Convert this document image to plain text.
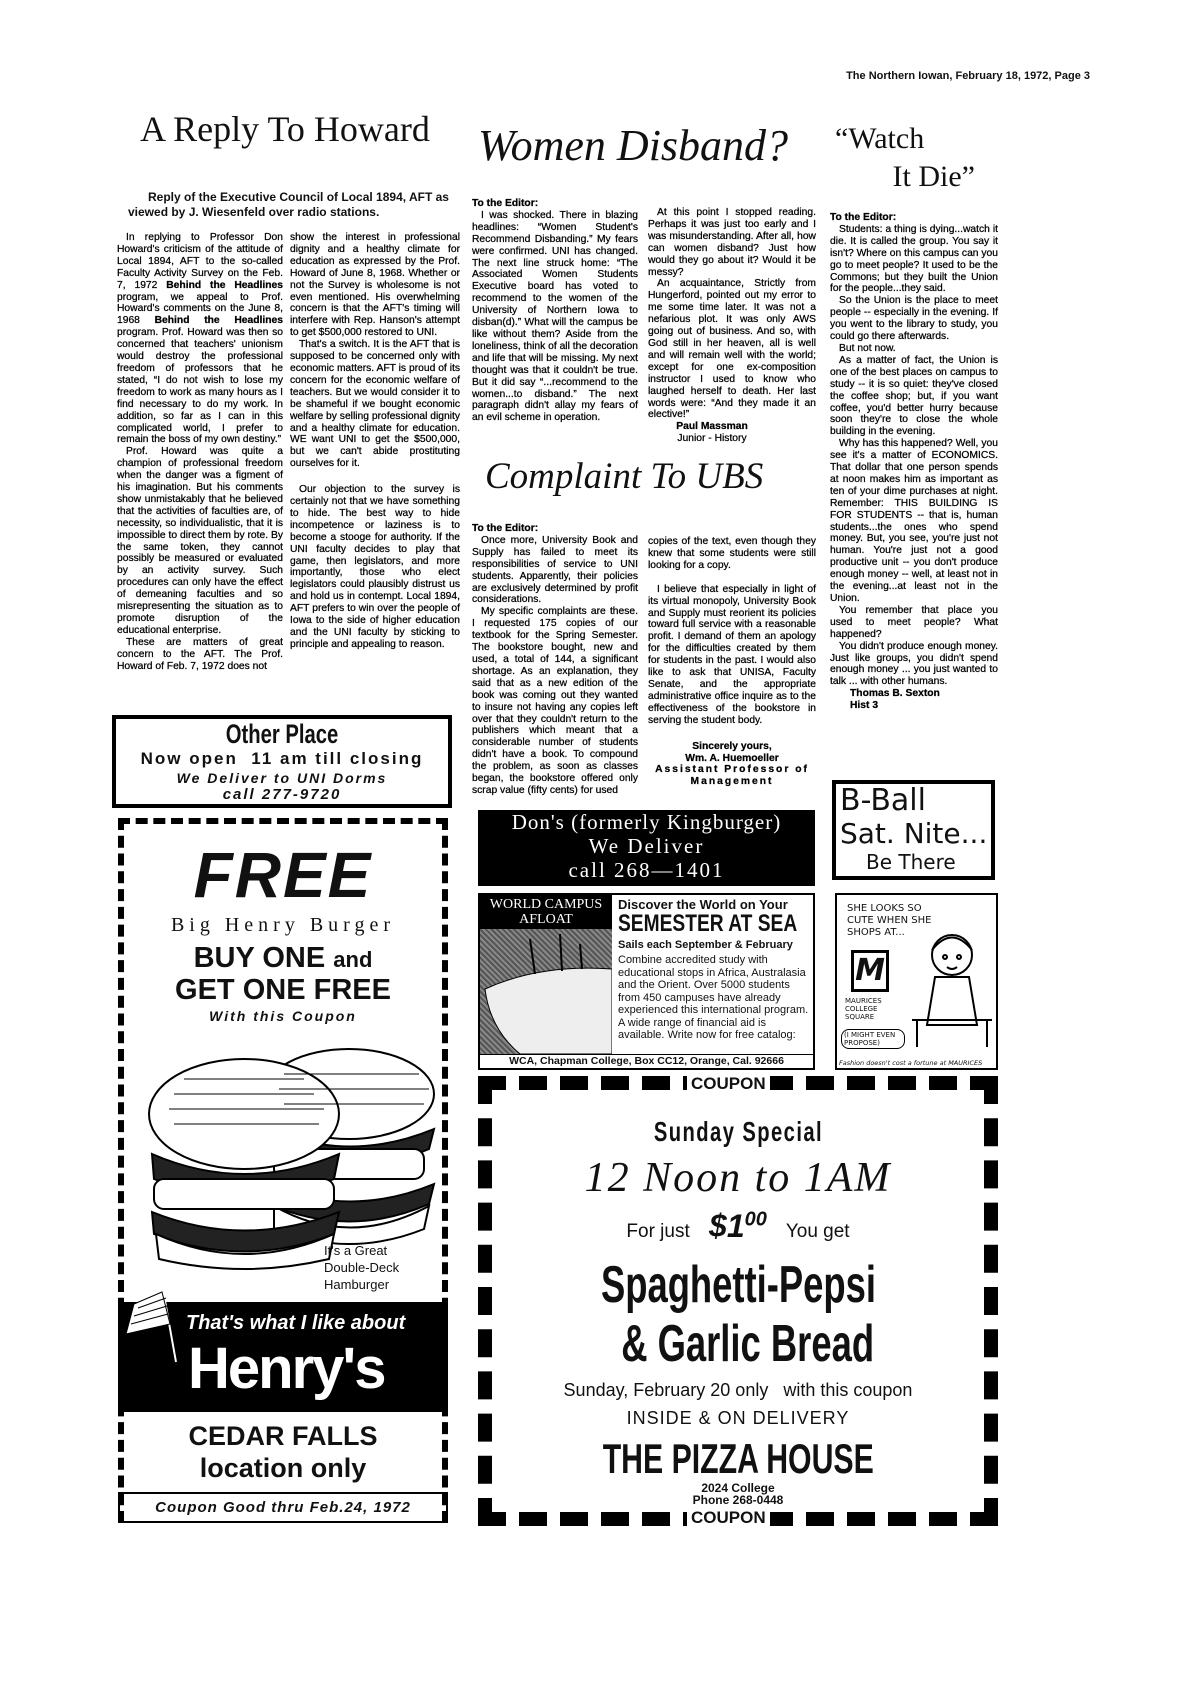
The Northern Iowan, February 18, 1972, Page 3
A Reply To Howard
Reply of the Executive Council of Local 1894, AFT as viewed by J. Wiesenfeld over radio stations.

In replying to Professor Don Howard's criticism of the attitude of Local 1894, AFT to the so-called Faculty Activity Survey on the Feb. 7, 1972 Behind the Headlines program, we appeal to Prof. Howard's comments on the June 8, 1968 Behind the Headlines program. Prof. Howard was then so concerned that teachers' unionism would destroy the professional freedom of professors that he stated, “I do not wish to lose my freedom to work as many hours as I find necessary to do my work. In addition, so far as I can in this complicated world, I prefer to remain the boss of my own destiny.”

Prof. Howard was quite a champion of professional freedom when the danger was a figment of his imagination. But his comments show unmistakably that he believed that the activities of faculties are, of necessity, so individualistic, that it is impossible to direct them by rote. By the same token, they cannot possibly be measured or evaluated by an activity survey. Such procedures can only have the effect of demeaning faculties and so misrepresenting the situation as to promote disruption of the educational enterprise.

These are matters of great concern to the AFT. The Prof. Howard of Feb. 7, 1972 does not

show the interest in professional dignity and a healthy climate for education as expressed by the Prof. Howard of June 8, 1968. Whether or not the Survey is wholesome is not even mentioned. His overwhelming concern is that the AFT's timing will interfere with Rep. Hanson's attempt to get $500,000 restored to UNI.

That's a switch. It is the AFT that is supposed to be concerned only with economic matters. AFT is proud of its concern for the economic welfare of teachers. But we would consider it to be shameful if we bought economic welfare by selling professional dignity and a healthy climate for education. WE want UNI to get the $500,000, but we can't abide prostituting ourselves for it.

Our objection to the survey is certainly not that we have something to hide. The best way to hide incompetence or laziness is to become a stooge for authority. If the UNI faculty decides to play that game, then legislators, and more importantly, those who elect legislators could plausibly distrust us and hold us in contempt. Local 1894, AFT prefers to win over the people of Iowa to the side of higher education and the UNI faculty by sticking to principle and appealing to reason.

Women Disband?

To the Editor:

I was shocked. There in blazing headlines: “Women Student's Recommend Disbanding.” My fears were confirmed. UNI has changed. The next line struck home: “The Associated Women Students Executive board has voted to recommend to the women of the University of Northern Iowa to disban(d).” What will the campus be like without them? Aside from the loneliness, think of all the decoration and life that will be missing. My next thought was that it couldn't be true. But it did say “...recommend to the women...to disband.” The next paragraph didn't allay my fears of an evil scheme in operation.

At this point I stopped reading. Perhaps it was just too early and I was misunderstanding. After all, how can women disband? Just how would they go about it? Would it be messy?

An acquaintance, Strictly from Hungerford, pointed out my error to me some time later. It was not a nefarious plot. It was only AWS going out of business. And so, with God still in her heaven, all is well and will remain well with the world; except for one ex-composition instructor I used to know who laughed herself to death. Her last words were: “And they made it an elective!”

Paul Massman

Junior - History

Complaint To UBS

To the Editor:

Once more, University Book and Supply has failed to meet its responsibilities of service to UNI students. Apparently, their policies are exclusively determined by profit considerations.

My specific complaints are these. I requested 175 copies of our textbook for the Spring Semester. The bookstore bought, new and used, a total of 144, a significant shortage. As an explanation, they said that as a new edition of the book was coming out they wanted to insure not having any copies left over that they couldn't return to the publishers which meant that a considerable number of students didn't have a book. To compound the problem, as soon as classes began, the bookstore offered only scrap value (fifty cents) for used

copies of the text, even though they knew that some students were still looking for a copy.

I believe that especially in light of its virtual monopoly, University Book and Supply must reorient its policies toward full service with a reasonable profit. I demand of them an apology for the difficulties created by them for students in the past. I would also like to ask that UNISA, Faculty Senate, and the appropriate administrative office inquire as to the effectiveness of the bookstore in serving the student body.

Sincerely yours,

Wm. A. Huemoeller

Assistant Professor of Management

“Watch
It Die”

To the Editor:

Students: a thing is dying...watch it die. It is called the group. You say it isn't? Where on this campus can you go to meet people? It used to be the Commons; but they built the Union for the people...they said.

So the Union is the place to meet people -- especially in the evening. If you went to the library to study, you could go there afterwards.

But not now.

As a matter of fact, the Union is one of the best places on campus to study -- it is so quiet: they've closed the coffee shop; but, if you want coffee, you'd better hurry because soon they're to close the whole building in the evening.

Why has this happened? Well, you see it's a matter of ECONOMICS. That dollar that one person spends at noon makes him as important as ten of your dime purchases at night. Remember: THIS BUILDING IS FOR STUDENTS -- that is, human students...the ones who spend money. But, you see, you're just not human. You're just not a good productive unit -- you don't produce enough money -- well, at least not in the evening...at least not in the Union.

You remember that place you used to meet people? What happened?

You didn't produce enough money. Just like groups, you didn't spend enough money ... you just wanted to talk ... with other humans.

Thomas B. Sexton

Hist 3

Other Place
Now open  11 am till closing
We Deliver to UNI Dorms
call 277-9720
FREE
Big Henry Burger
BUY ONE and
GET ONE FREE
With this Coupon
It's a Great Double-Deck Hamburger
That's what I like about
Henry's
CEDAR FALLS
location only
Coupon Good thru Feb.24, 1972
Don's (formerly Kingburger)
We Deliver
call 268—1401
WORLD CAMPUS AFLOAT
Discover the World on Your
SEMESTER AT SEA
Sails each September & February
Combine accredited study with educational stops in Africa, Australasia and the Orient. Over 5000 students from 450 campuses have already experienced this international program. A wide range of financial aid is available. Write now for free catalog:
WCA, Chapman College, Box CC12, Orange, Cal. 92666
B-Ball
Sat. Nite...
Be There
SHE LOOKS SO CUTE WHEN SHE SHOPS AT...
M
MAURICES COLLEGE SQUARE
(I MIGHT EVEN PROPOSE)
Fashion doesn't cost a fortune at MAURICES
COUPON
Sunday Special
12 Noon to 1AM
For just $\$1^{00}$ You get
Spaghetti-Pepsi
& Garlic Bread
Sunday, February 20 only with this coupon
INSIDE & ON DELIVERY
THE PIZZA HOUSE
2024 College
Phone 268-0448
COUPON
